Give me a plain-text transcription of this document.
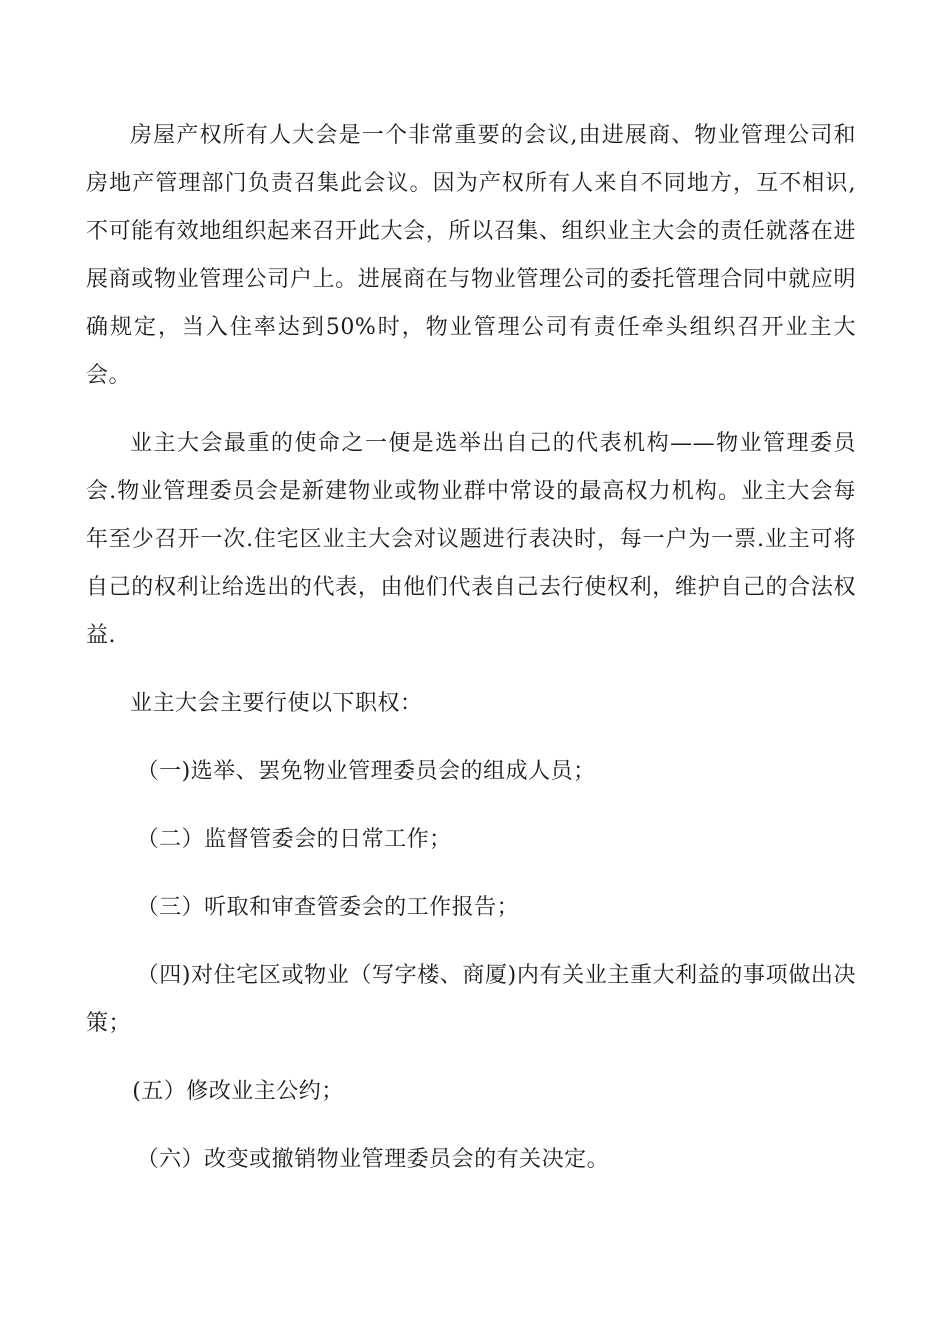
房屋产权所有人大会是一个非常重要的会议,由进展商、物业管理公司和房地产管理部门负责召集此会议。因为产权所有人来自不同地方，互不相识,不可能有效地组织起来召开此大会，所以召集、组织业主大会的责任就落在进展商或物业管理公司户上。进展商在与物业管理公司的委托管理合同中就应明确规定，当入住率达到50%时，物业管理公司有责任牵头组织召开业主大会。

业主大会最重的使命之一便是选举出自己的代表机构——物业管理委员会.物业管理委员会是新建物业或物业群中常设的最高权力机构。业主大会每年至少召开一次.住宅区业主大会对议题进行表决时，每一户为一票.业主可将自己的权利让给选出的代表，由他们代表自己去行使权利，维护自己的合法权益.

业主大会主要行使以下职权：

（一)选举、罢免物业管理委员会的组成人员；

（二）监督管委会的日常工作；

（三）听取和审查管委会的工作报告；

（四)对住宅区或物业（写字楼、商厦)内有关业主重大利益的事项做出决策；

(五）修改业主公约；

（六）改变或撤销物业管理委员会的有关决定。
